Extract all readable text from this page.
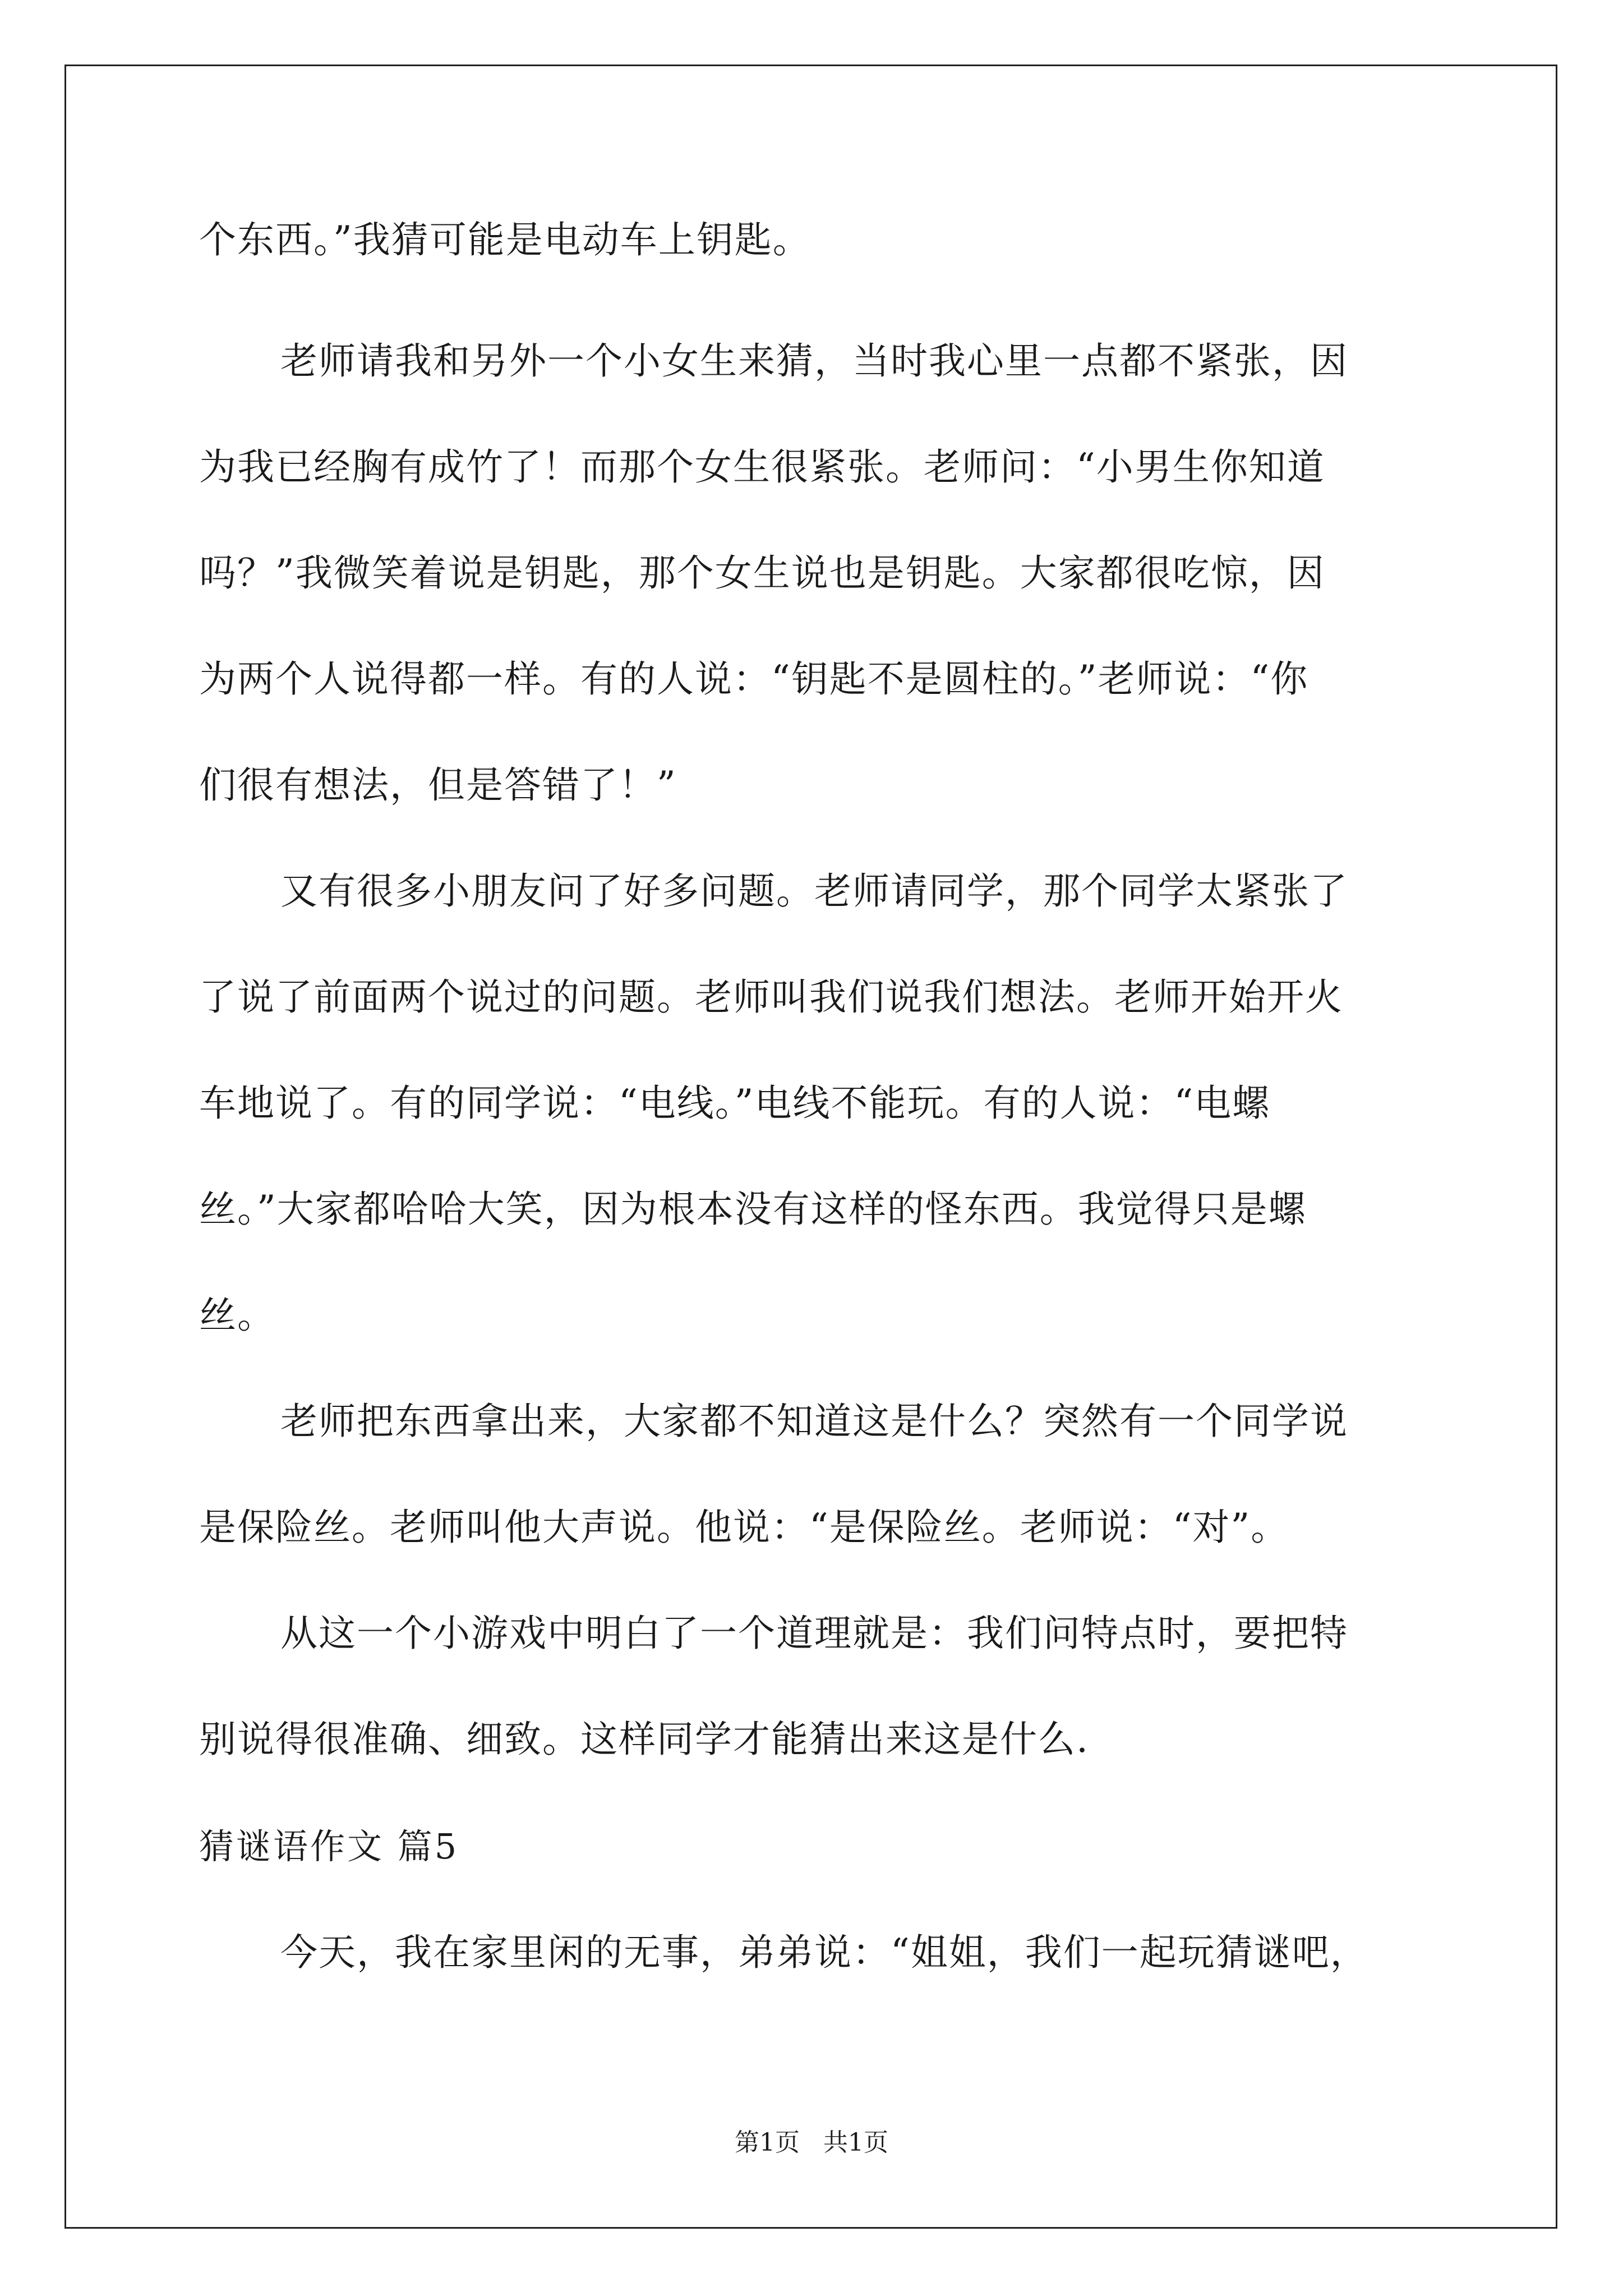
个东西。”我猜可能是电动车上钥匙。
老师请我和另外一个小女生来猜，当时我心里一点都不紧张，因
为我已经胸有成竹了！而那个女生很紧张。老师问：“小男生你知道
吗？”我微笑着说是钥匙，那个女生说也是钥匙。大家都很吃惊，因
为两个人说得都一样。有的人说：“钥匙不是圆柱的。”老师说：“你
们很有想法，但是答错了！”
又有很多小朋友问了好多问题。老师请同学，那个同学太紧张了
了说了前面两个说过的问题。老师叫我们说我们想法。老师开始开火
车地说了。有的同学说：“电线。”电线不能玩。有的人说：“电螺
丝。”大家都哈哈大笑，因为根本没有这样的怪东西。我觉得只是螺
丝。
老师把东西拿出来，大家都不知道这是什么？突然有一个同学说
是保险丝。老师叫他大声说。他说：“是保险丝。老师说：“对”。
从这一个小游戏中明白了一个道理就是：我们问特点时，要把特
别说得很准确、细致。这样同学才能猜出来这是什么.
猜谜语作文 篇5
今天，我在家里闲的无事，弟弟说：“姐姐，我们一起玩猜谜吧，
第1页 共1页
